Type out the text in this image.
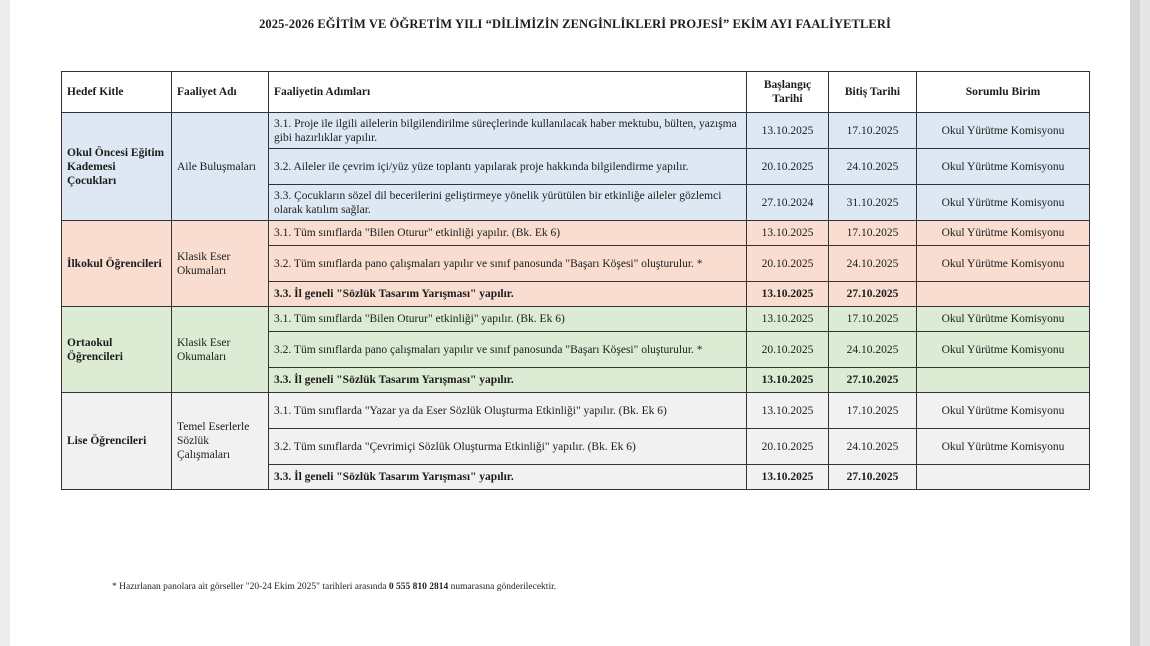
2025-2026 EĞİTİM VE ÖĞRETİM YILI “DİLİMİZİN ZENGİNLİKLERİ PROJESİ” EKİM AYI FAALİYETLERİ
Hedef Kitle	Faaliyet Adı	Faaliyetin Adımları	Başlangıç Tarihi	Bitiş Tarihi	Sorumlu Birim
Okul Öncesi Eğitim Kademesi Çocukları	Aile Buluşmaları	3.1. Proje ile ilgili ailelerin bilgilendirilme süreçlerinde kullanılacak haber mektubu, bülten, yazışma gibi hazırlıklar yapılır.	13.10.2025	17.10.2025	Okul Yürütme Komisyonu
		3.2. Aileler ile çevrim içi/yüz yüze toplantı yapılarak proje hakkında bilgilendirme yapılır.	20.10.2025	24.10.2025	Okul Yürütme Komisyonu
		3.3. Çocukların sözel dil becerilerini geliştirmeye yönelik yürütülen bir etkinliğe aileler gözlemci olarak katılım sağlar.	27.10.2024	31.10.2025	Okul Yürütme Komisyonu
İlkokul Öğrencileri	Klasik Eser Okumaları	3.1. Tüm sınıflarda "Bilen Oturur" etkinliği yapılır. (Bk. Ek 6)	13.10.2025	17.10.2025	Okul Yürütme Komisyonu
		3.2. Tüm sınıflarda pano çalışmaları yapılır ve sınıf panosunda "Başarı Köşesi" oluşturulur. *	20.10.2025	24.10.2025	Okul Yürütme Komisyonu
		3.3. İl geneli "Sözlük Tasarım Yarışması" yapılır.	13.10.2025	27.10.2025	
Ortaokul Öğrencileri	Klasik Eser Okumaları	3.1. Tüm sınıflarda "Bilen Oturur" etkinliği" yapılır. (Bk. Ek 6)	13.10.2025	17.10.2025	Okul Yürütme Komisyonu
		3.2. Tüm sınıflarda pano çalışmaları yapılır ve sınıf panosunda "Başarı Köşesi" oluşturulur. *	20.10.2025	24.10.2025	Okul Yürütme Komisyonu
		3.3. İl geneli "Sözlük Tasarım Yarışması" yapılır.	13.10.2025	27.10.2025	
Lise Öğrencileri	Temel Eserlerle Sözlük Çalışmaları	3.1. Tüm sınıflarda "Yazar ya da Eser Sözlük Oluşturma Etkinliği" yapılır. (Bk. Ek 6)	13.10.2025	17.10.2025	Okul Yürütme Komisyonu
		3.2. Tüm sınıflarda "Çevrimiçi Sözlük Oluşturma Etkinliği" yapılır. (Bk. Ek 6)	20.10.2025	24.10.2025	Okul Yürütme Komisyonu
		3.3. İl geneli "Sözlük Tasarım Yarışması" yapılır.	13.10.2025	27.10.2025	
* Hazırlanan panolara ait görseller "20-24 Ekim 2025" tarihleri arasında 0 555 810 2814 numarasına gönderilecektir.
